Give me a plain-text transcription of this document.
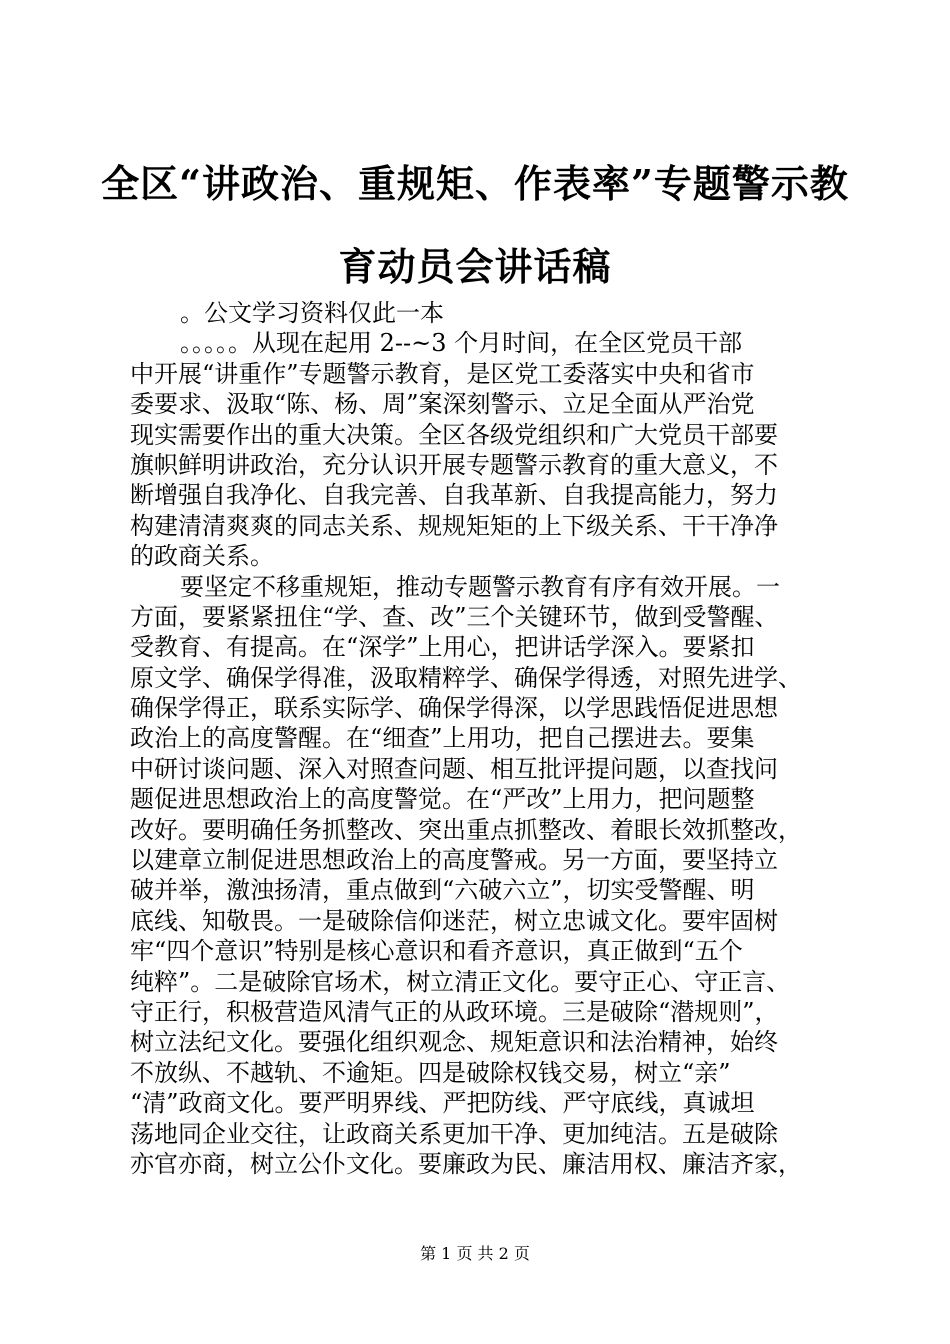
全区“讲政治、重规矩、作表率”专题警示教
育动员会讲话稿
。公文学习资料仅此一本
。。。。。从现在起用 2--~3 个月时间，在全区党员干部
中开展“讲重作”专题警示教育，是区党工委落实中央和省市
委要求、汲取“陈、杨、周”案深刻警示、立足全面从严治党
现实需要作出的重大决策。全区各级党组织和广大党员干部要
旗帜鲜明讲政治，充分认识开展专题警示教育的重大意义，不
断增强自我净化、自我完善、自我革新、自我提高能力，努力
构建清清爽爽的同志关系、规规矩矩的上下级关系、干干净净
的政商关系。
要坚定不移重规矩，推动专题警示教育有序有效开展。一
方面，要紧紧扭住“学、查、改”三个关键环节，做到受警醒、
受教育、有提高。在“深学”上用心，把讲话学深入。要紧扣
原文学、确保学得准，汲取精粹学、确保学得透，对照先进学、
确保学得正，联系实际学、确保学得深，以学思践悟促进思想
政治上的高度警醒。在“细查”上用功，把自己摆进去。要集
中研讨谈问题、深入对照查问题、相互批评提问题，以查找问
题促进思想政治上的高度警觉。在“严改”上用力，把问题整
改好。要明确任务抓整改、突出重点抓整改、着眼长效抓整改，
以建章立制促进思想政治上的高度警戒。另一方面，要坚持立
破并举，激浊扬清，重点做到“六破六立”，切实受警醒、明
底线、知敬畏。一是破除信仰迷茫，树立忠诚文化。要牢固树
牢“四个意识”特别是核心意识和看齐意识，真正做到“五个
纯粹”。二是破除官场术，树立清正文化。要守正心、守正言、
守正行，积极营造风清气正的从政环境。三是破除“潜规则”，
树立法纪文化。要强化组织观念、规矩意识和法治精神，始终
不放纵、不越轨、不逾矩。四是破除权钱交易，树立“亲”
“清”政商文化。要严明界线、严把防线、严守底线，真诚坦
荡地同企业交往，让政商关系更加干净、更加纯洁。五是破除
亦官亦商，树立公仆文化。要廉政为民、廉洁用权、廉洁齐家，
第 1 页 共 2 页
